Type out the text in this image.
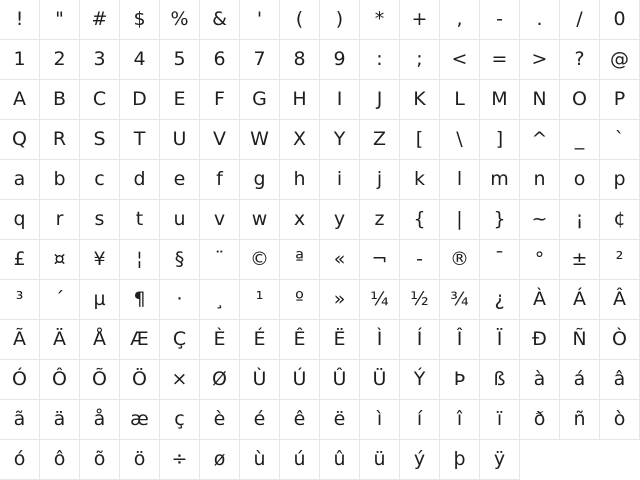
!	"	#	$	%	&	'	(	)	*	+	,	-	.	/	0
1	2	3	4	5	6	7	8	9	:	;	<	=	>	?	@
A	B	C	D	E	F	G	H	I	J	K	L	M	N	O	P
Q	R	S	T	U	V	W	X	Y	Z	[	\	]	^	_	`
a	b	c	d	e	f	g	h	i	j	k	l	m	n	o	p
q	r	s	t	u	v	w	x	y	z	{	|	}	~	¡	¢
£	¤	¥	¦	§	¨	©	ª	«	¬	-	®	¯	°	±	²
³	´	µ	¶	·	¸	¹	º	»	¼	½	¾	¿	À	Á	Â
Ã	Ä	Å	Æ	Ç	È	É	Ê	Ë	Ì	Í	Î	Ï	Ð	Ñ	Ò
Ó	Ô	Õ	Ö	×	Ø	Ù	Ú	Û	Ü	Ý	Þ	ß	à	á	â
ã	ä	å	æ	ç	è	é	ê	ë	ì	í	î	ï	ð	ñ	ò
ó	ô	õ	ö	÷	ø	ù	ú	û	ü	ý	þ	ÿ
